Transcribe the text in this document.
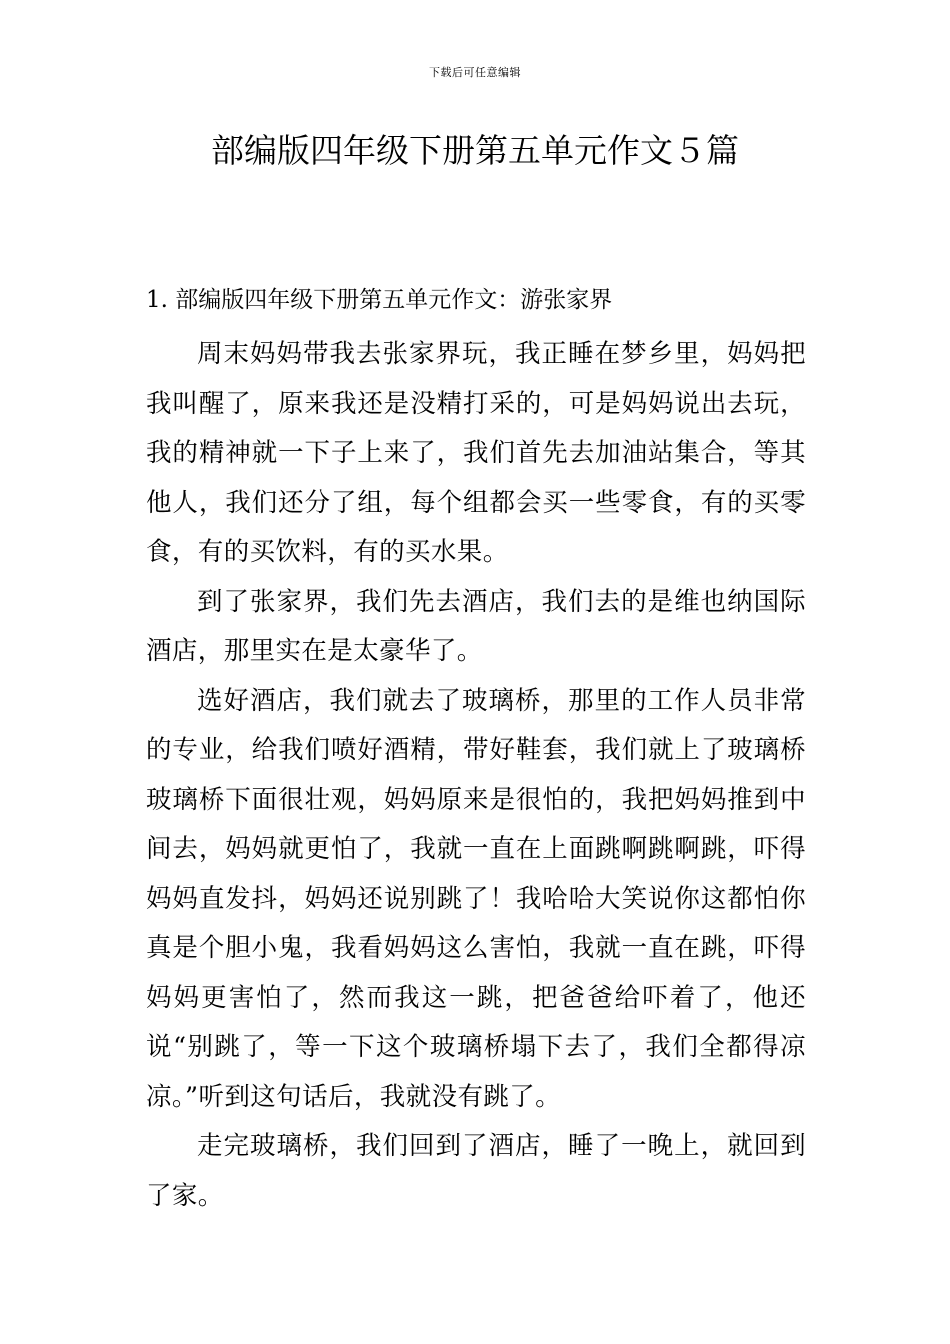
下载后可任意编辑
部编版四年级下册第五单元作文５篇
1. 部编版四年级下册第五单元作文：游张家界

周末妈妈带我去张家界玩，我正睡在梦乡里，妈妈把我叫醒了，原来我还是没精打采的，可是妈妈说出去玩，我的精神就一下子上来了，我们首先去加油站集合，等其他人，我们还分了组，每个组都会买一些零食，有的买零食，有的买饮料，有的买水果。

到了张家界，我们先去酒店，我们去的是维也纳国际酒店，那里实在是太豪华了。

选好酒店，我们就去了玻璃桥，那里的工作人员非常的专业，给我们喷好酒精，带好鞋套，我们就上了玻璃桥玻璃桥下面很壮观，妈妈原来是很怕的，我把妈妈推到中间去，妈妈就更怕了，我就一直在上面跳啊跳啊跳，吓得妈妈直发抖，妈妈还说别跳了！我哈哈大笑说你这都怕你真是个胆小鬼，我看妈妈这么害怕，我就一直在跳，吓得妈妈更害怕了，然而我这一跳，把爸爸给吓着了，他还说“别跳了，等一下这个玻璃桥塌下去了，我们全都得凉凉。”听到这句话后，我就没有跳了。

走完玻璃桥，我们回到了酒店，睡了一晚上，就回到了家。
